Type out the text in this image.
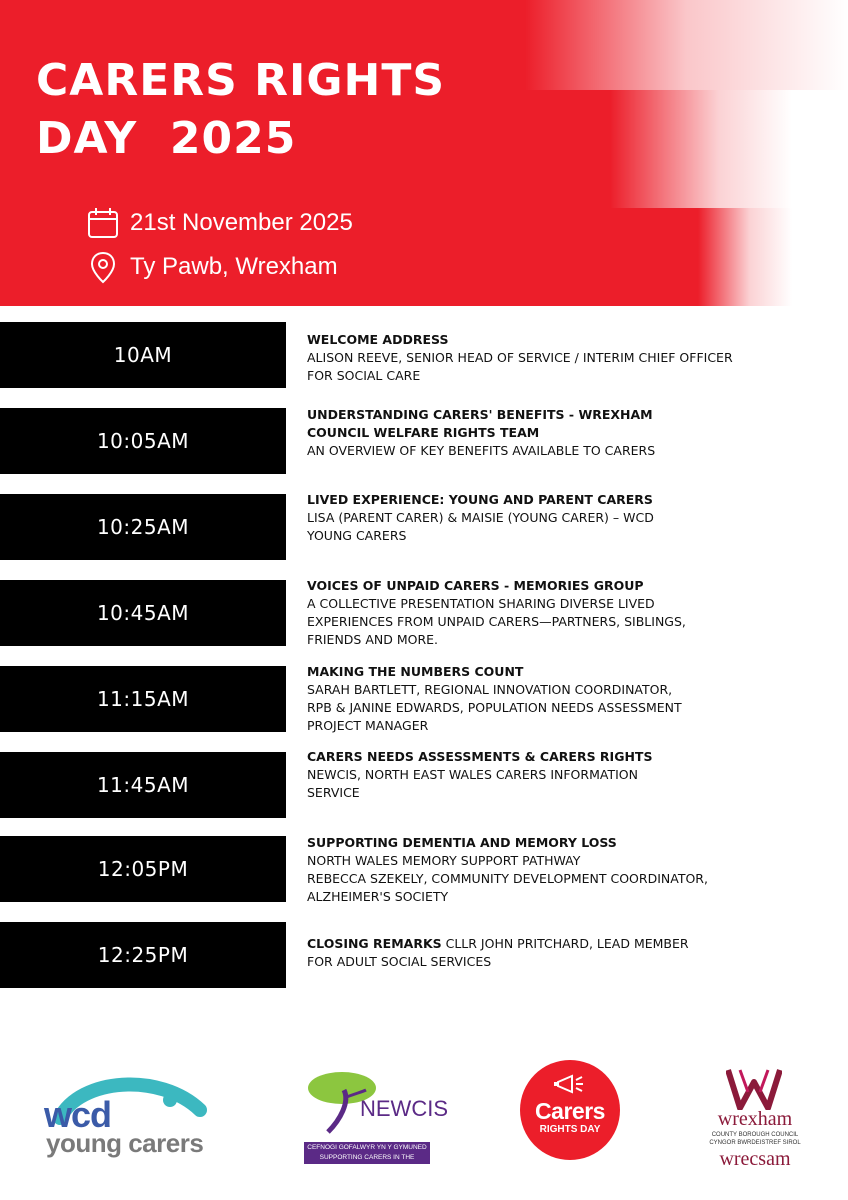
CARERS RIGHTS
DAY  2025
21st November 2025
Ty Pawb, Wrexham
10AM
WELCOME ADDRESS
ALISON REEVE, SENIOR HEAD OF SERVICE / INTERIM CHIEF OFFICER
FOR SOCIAL CARE
10:05AM
UNDERSTANDING CARERS' BENEFITS - WREXHAM
COUNCIL WELFARE RIGHTS TEAM
AN OVERVIEW OF KEY BENEFITS AVAILABLE TO CARERS
10:25AM
LIVED EXPERIENCE: YOUNG AND PARENT CARERS
LISA (PARENT CARER) & MAISIE (YOUNG CARER) – WCD
YOUNG CARERS
10:45AM
VOICES OF UNPAID CARERS - MEMORIES GROUP
A COLLECTIVE PRESENTATION SHARING DIVERSE LIVED
EXPERIENCES FROM UNPAID CARERS—PARTNERS, SIBLINGS,
FRIENDS AND MORE.
11:15AM
MAKING THE NUMBERS COUNT
SARAH BARTLETT, REGIONAL INNOVATION COORDINATOR,
RPB & JANINE EDWARDS, POPULATION NEEDS ASSESSMENT
PROJECT MANAGER
11:45AM
CARERS NEEDS ASSESSMENTS & CARERS RIGHTS
NEWCIS, NORTH EAST WALES CARERS INFORMATION
SERVICE
12:05PM
SUPPORTING DEMENTIA AND MEMORY LOSS
NORTH WALES MEMORY SUPPORT PATHWAY
REBECCA SZEKELY, COMMUNITY DEVELOPMENT COORDINATOR,
ALZHEIMER'S SOCIETY
12:25PM	CLOSING REMARKS CLLR JOHN PRITCHARD, LEAD MEMBER
FOR ADULT SOCIAL SERVICES
wcd
young carers
NEWCIS
CEFNOGI GOFALWYR YN Y GYMUNED
SUPPORTING CARERS IN THE COMMUNITY
Carers
RIGHTS DAY	wrexham
COUNTY BOROUGH COUNCIL
CYNGOR BWRDEISTREF SIROL
wrecsam
